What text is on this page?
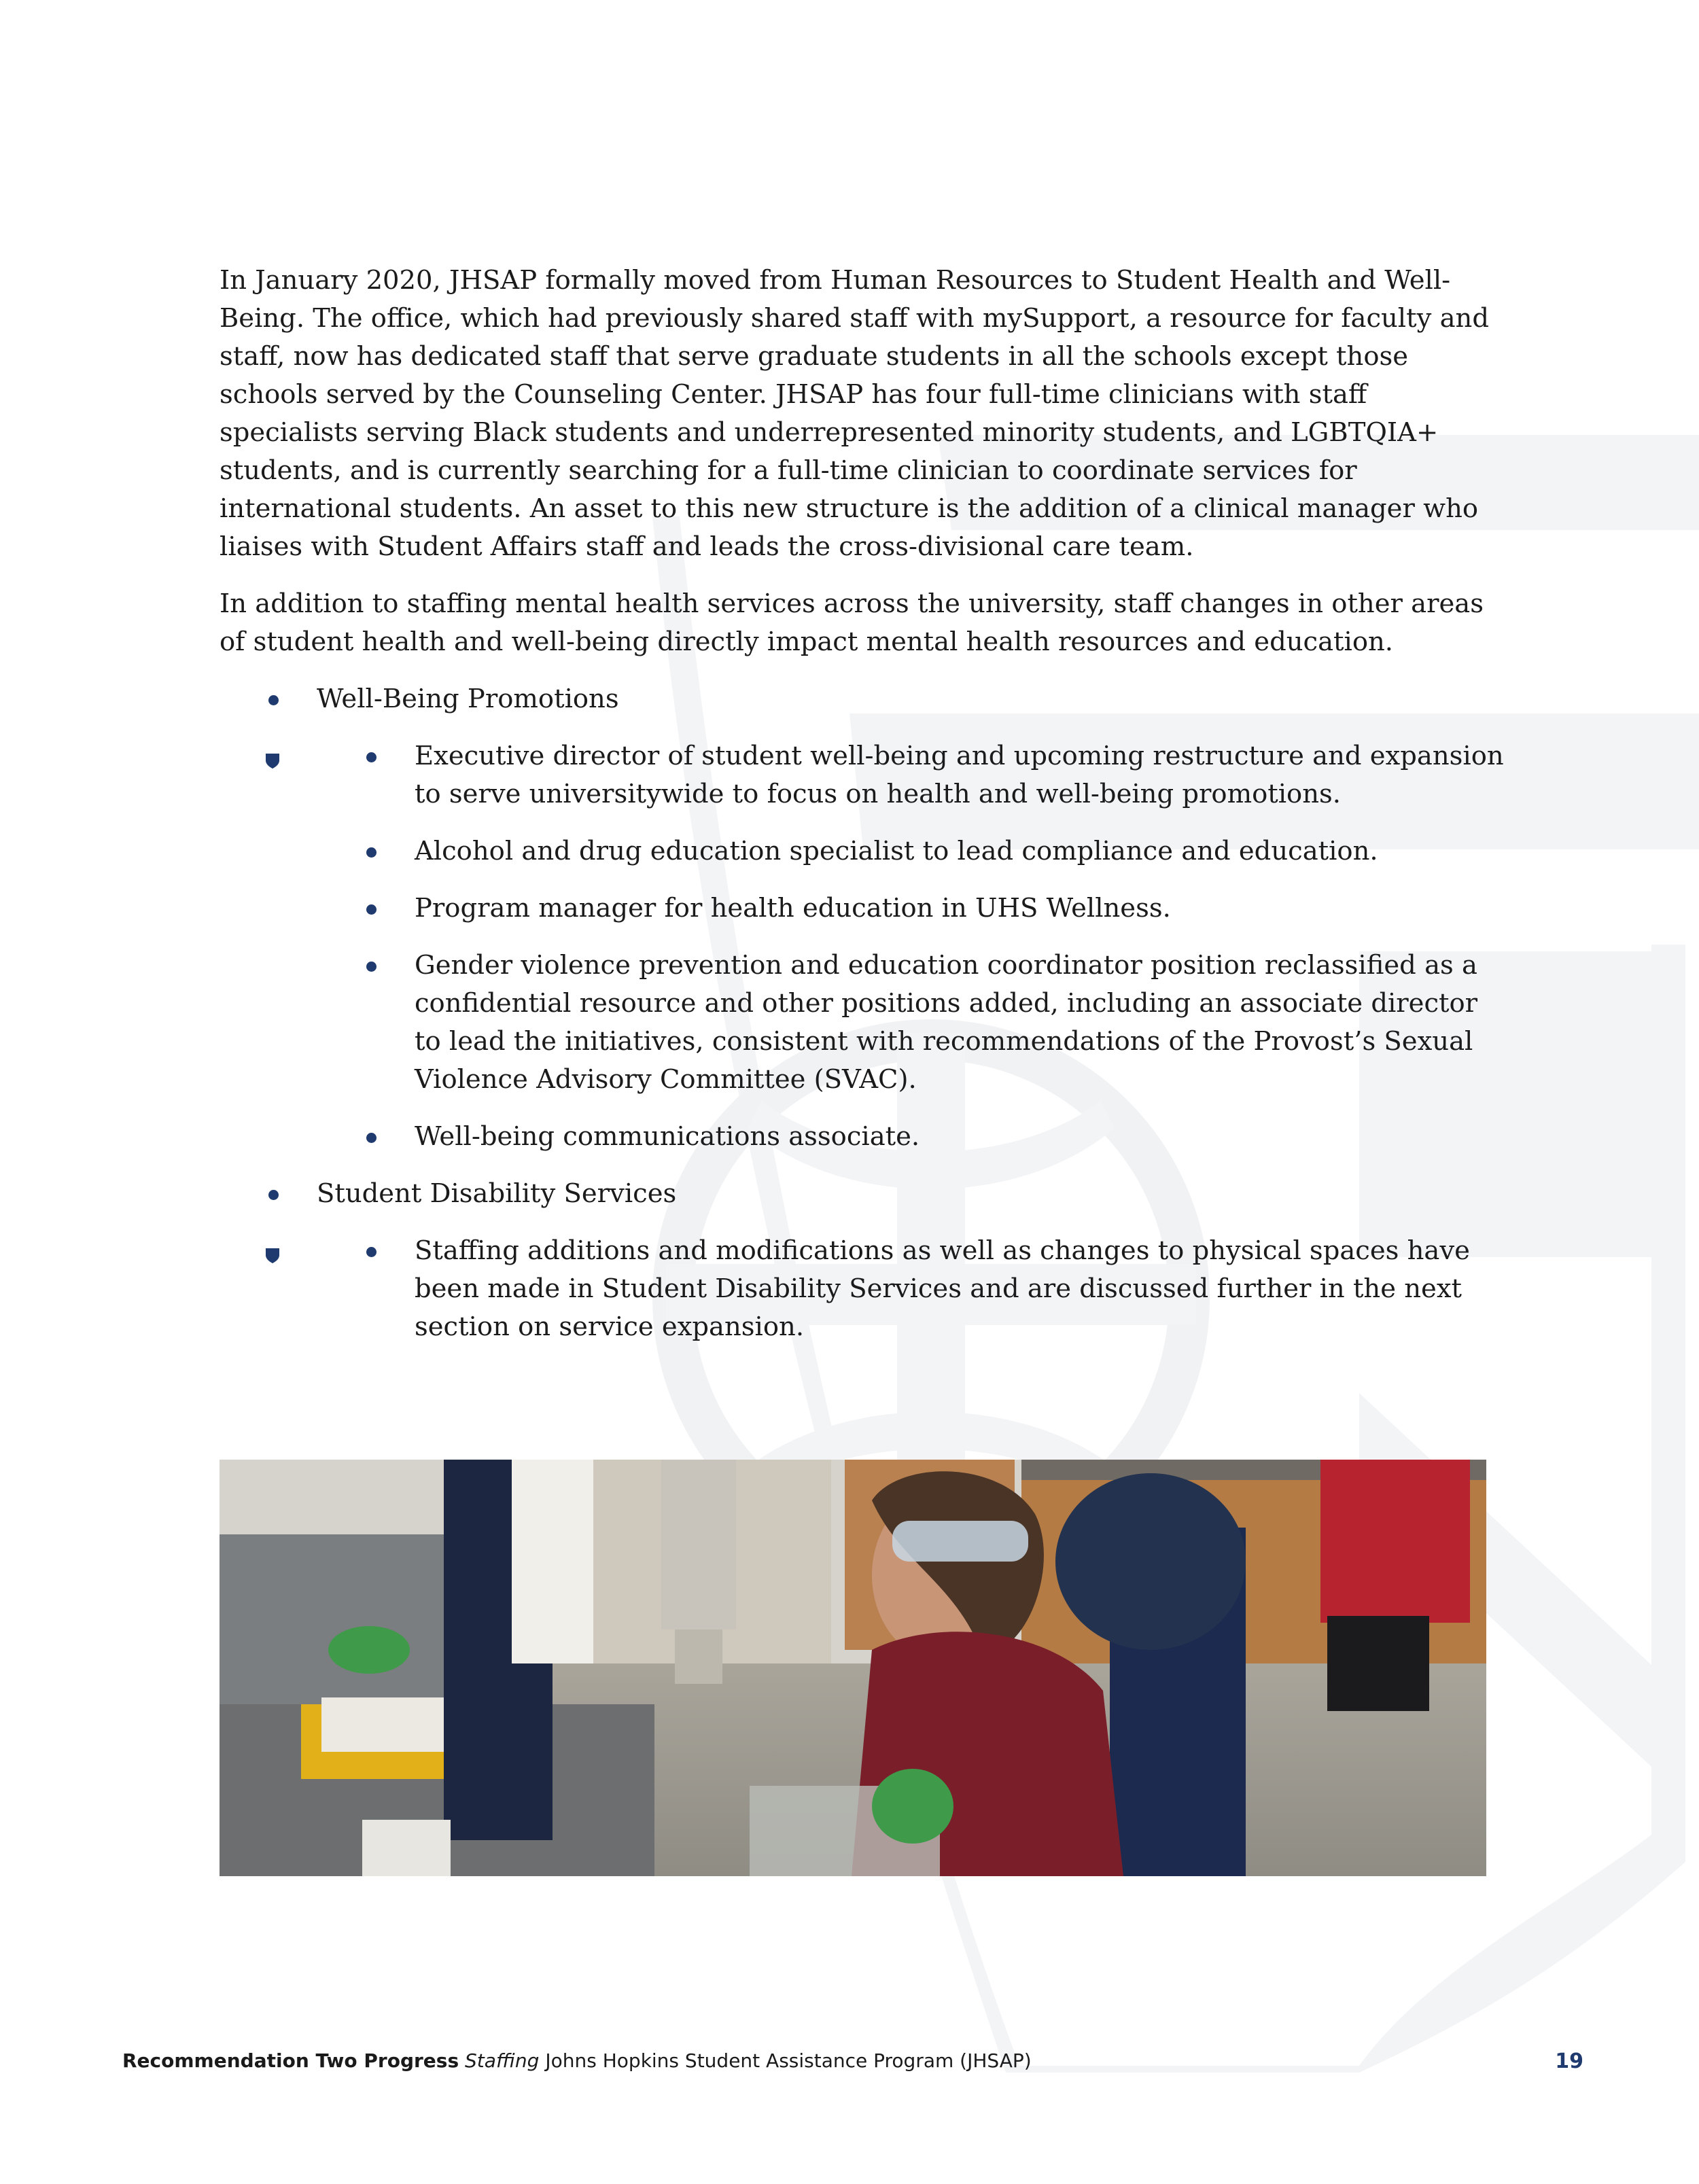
In January 2020, JHSAP formally moved from Human Resources to Student Health and Well-Being. The office, which had previously shared staff with mySupport, a resource for faculty and staff, now has dedicated staff that serve graduate students in all the schools except those schools served by the Counseling Center. JHSAP has four full-time clinicians with staff specialists serving Black students and underrepresented minority students, and LGBTQIA+ students, and is currently searching for a full-time clinician to coordinate services for international students. An asset to this new structure is the addition of a clinical manager who liaises with Student Affairs staff and leads the cross-divisional care team.

In addition to staffing mental health services across the university, staff changes in other areas of student health and well-being directly impact mental health resources and education.

Well-Being Promotions
Executive director of student well-being and upcoming restructure and expansion to serve universitywide to focus on health and well-being promotions.
Alcohol and drug education specialist to lead compliance and education.
Program manager for health education in UHS Wellness.
Gender violence prevention and education coordinator position reclassified as a confidential resource and other positions added, including an associate director to lead the initiatives, consistent with recommendations of the Provost’s Sexual Violence Advisory Committee (SVAC).
Well-being communications associate.
Student Disability Services
Staffing additions and modifications as well as changes to physical spaces have been made in Student Disability Services and are discussed further in the next section on service expansion.
Recommendation Two Progress Staffing Johns Hopkins Student Assistance Program (JHSAP)	19
